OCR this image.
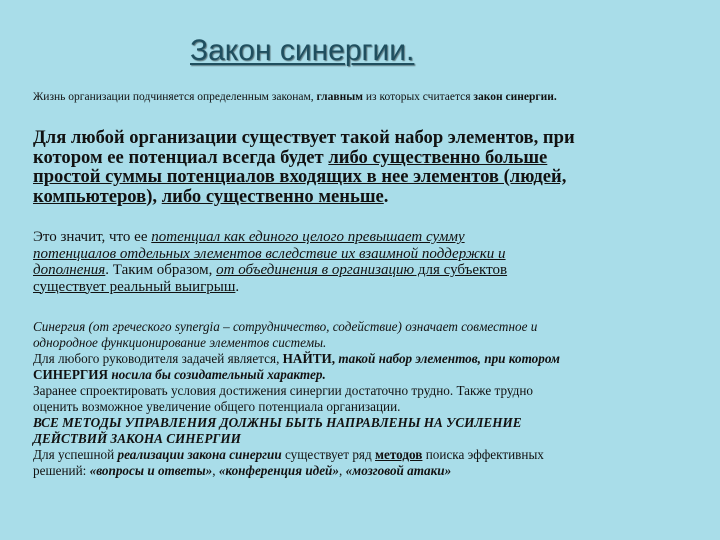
Закон синергии.
Жизнь организации подчиняется определенным законам, главным из которых считается закон синергии.
Для любой организации существует такой набор элементов, при
котором ее потенциал всегда будет либо существенно больше
простой суммы потенциалов входящих в нее элементов (людей,
компьютеров), либо существенно меньше.
Это значит, что ее потенциал как единого целого превышает сумму
потенциалов отдельных элементов вследствие их взаимной поддержки и
дополнения. Таким образом, от объединения в организацию для субъектов
существует реальный выигрыш.
Синергия (от греческого synergia – сотрудничество, содействие) означает совместное и
однородное функционирование элементов системы.
Для любого руководителя задачей является, НАЙТИ, такой набор элементов, при котором
СИНЕРГИЯ носила бы созидательный характер.
Заранее спроектировать условия достижения синергии достаточно трудно. Также трудно
оценить возможное увеличение общего потенциала организации.
ВСЕ МЕТОДЫ УПРАВЛЕНИЯ ДОЛЖНЫ БЫТЬ НАПРАВЛЕНЫ НА УСИЛЕНИЕ
ДЕЙСТВИЙ ЗАКОНА СИНЕРГИИ
Для успешной реализации закона синергии существует ряд методов поиска эффективных
решений: «вопросы и ответы», «конференция идей», «мозговой атаки»
